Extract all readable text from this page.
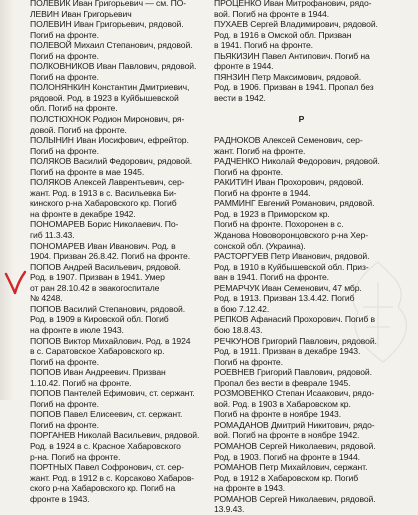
ПОЛЕВИК Иван Григорьевич — см. ПО-
ЛЕВИН Иван Григорьевич
ПОЛЕВИН Иван Григорьевич, рядовой.
Погиб на фронте.
ПОЛЕВОЙ Михаил Степанович, рядовой.
Погиб на фронте.
ПОЛКОВНИКОВ Иван Павлович, рядовой.
Погиб на фронте.
ПОЛОНЯНКИН Константин Дмитриевич,
рядовой. Род. в 1923 в Куйбышевской
обл. Погиб на фронте.
ПОЛСТЮХНОК Родион Миронович, ря-
довой. Погиб на фронте.
ПОЛЫНИН Иван Иосифович, ефрейтор.
Погиб на фронте.
ПОЛЯКОВ Василий Федорович, рядовой.
Погиб на фронте в мае 1945.
ПОЛЯКОВ Алексей Лаврентьевич, сер-
жант. Род. в 1913 в с. Васильевка Би-
кинского р-на Хабаровского кр. Погиб
на фронте в декабре 1942.
ПОНОМАРЕВ Борис Николаевич. По-
гиб 11.3.43.
ПОНОМАРЕВ Иван Иванович. Род. в
1904. Призван 26.8.42. Погиб на фронте.
ПОПОВ Андрей Васильевич, рядовой.
Род. в 1907. Призван в 1941. Умер
от ран 28.10.42 в эвакогоспитале
№ 4248.
ПОПОВ Василий Степанович, рядовой.
Род. в 1909 в Кировской обл. Погиб
на фронте в июле 1943.
ПОПОВ Виктор Михайлович. Род. в 1924
в с. Саратовское Хабаровского кр.
Погиб на фронте.
ПОПОВ Иван Андреевич. Призван
1.10.42. Погиб на фронте.
ПОПОВ Пантелей Ефимович, ст. сержант.
Погиб на фронте.
ПОПОВ Павел Елисеевич, ст. сержант.
Погиб на фронте.
ПОРГАНЕВ Николай Васильевич, рядовой.
Род. в 1924 в с. Красное Хабаровского
р-на. Погиб на фронте.
ПОРТНЫХ Павел Софронович, ст. сер-
жант. Род. в 1912 в с. Корсаково Хабаров-
ского р-на Хабаровского кр. Погиб на
фронте в 1943.
ПРОЦЕНКО Иван Митрофанович, рядо-
вой. Погиб на фронте в 1944.
ПУХАЕВ Сергей Владимирович, рядовой.
Род. в 1916 в Омской обл. Призван
в 1941. Погиб на фронте.
ПЬЯКИЗИН Павел Антипович. Погиб на
фронте в 1944.
ПЯНЗИН Петр Максимович, рядовой.
Род. в 1906. Призван в 1941. Пропал без
вести в 1942.
Р
РАДНОКОВ Алексей Семенович, сер-
жант. Погиб на фронте.
РАДЧЕНКО Николай Федорович, рядовой.
Погиб на фронте.
РАКИТИН Иван Прохорович, рядовой.
Погиб на фронте в 1944.
РАММИНГ Евгений Романович, рядовой.
Род. в 1923 в Приморском кр.
Погиб на фронте. Похоронен в с.
Жданова Нововоронцовского р-на Хер-
сонской обл. (Украина).
РАСТОРГУЕВ Петр Иванович, рядовой.
Род. в 1910 в Куйбышевской обл. Приз-
ван в 1941. Погиб на фронте.
РЕМАРЧУК Иван Семенович, 47 мбр.
Род. в 1913. Призван 13.4.42. Погиб
в бою 7.12.42.
РЕПКОВ Афанасий Прохорович. Погиб в
бою 18.8.43.
РЕЧКУНОВ Григорий Павлович, рядовой.
Род. в 1911. Призван в декабре 1943.
Погиб на фронте.
РОЕВНЕВ Григорий Павлович, рядовой.
Пропал без вести в феврале 1945.
РОЗМОВЕНКО Степан Исаакович, рядо-
вой. Род. в 1903 в Хабаровском кр.
Погиб на фронте в ноябре 1943.
РОМАДАНОВ Дмитрий Никитович, рядо-
вой. Погиб на фронте в ноябре 1942.
РОМАНОВ Сергей Николаевич, рядовой.
Род. в 1903. Погиб на фронте в 1944.
РОМАНОВ Петр Михайлович, сержант.
Род. в 1912 в Хабаровском кр. Погиб
на фронте в 1943.
РОМАНОВ Сергей Николаевич, рядовой.
13.9.43.
